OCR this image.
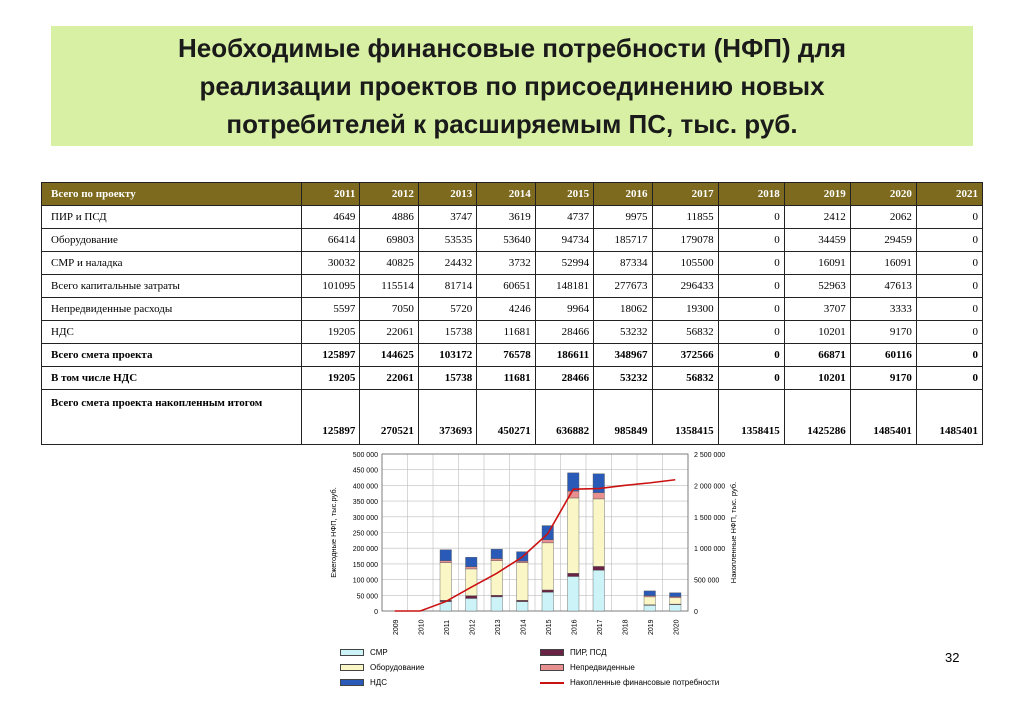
Необходимые финансовые потребности (НФП) для
реализации проектов по присоединению новых
потребителей к расширяемым ПС, тыс. руб.
Всего по проекту	2011	2012	2013	2014	2015	2016	2017	2018	2019	2020	2021
ПИР и ПСД	4649	4886	3747	3619	4737	9975	11855	0	2412	2062	0
Оборудование	66414	69803	53535	53640	94734	185717	179078	0	34459	29459	0
СМР и наладка	30032	40825	24432	3732	52994	87334	105500	0	16091	16091	0
Всего капитальные затраты	101095	115514	81714	60651	148181	277673	296433	0	52963	47613	0
Непредвиденные расходы	5597	7050	5720	4246	9964	18062	19300	0	3707	3333	0
НДС	19205	22061	15738	11681	28466	53232	56832	0	10201	9170	0
Всего смета проекта	125897	144625	103172	76578	186611	348967	372566	0	66871	60116	0
В том числе НДС	19205	22061	15738	11681	28466	53232	56832	0	10201	9170	0
Всего смета проекта накопленным итогом	125897	270521	373693	450271	636882	985849	1358415	1358415	1425286	1485401	1485401
0
50 000
100 000
150 000
200 000
250 000
300 000
350 000
400 000
450 000
500 000
0
500 000
1 000 000
1 500 000
2 000 000
2 500 000
2009	2010	2011	2012	2013	2014	2015	2016	2017	2018	2019	2020
Ежегодные НФП, тыс.руб.	Накопленные НФП, тыс. руб.
СМР	ПИР, ПСД
Оборудование	Непредвиденные
НДС	Накопленные финансовые потребности
32
